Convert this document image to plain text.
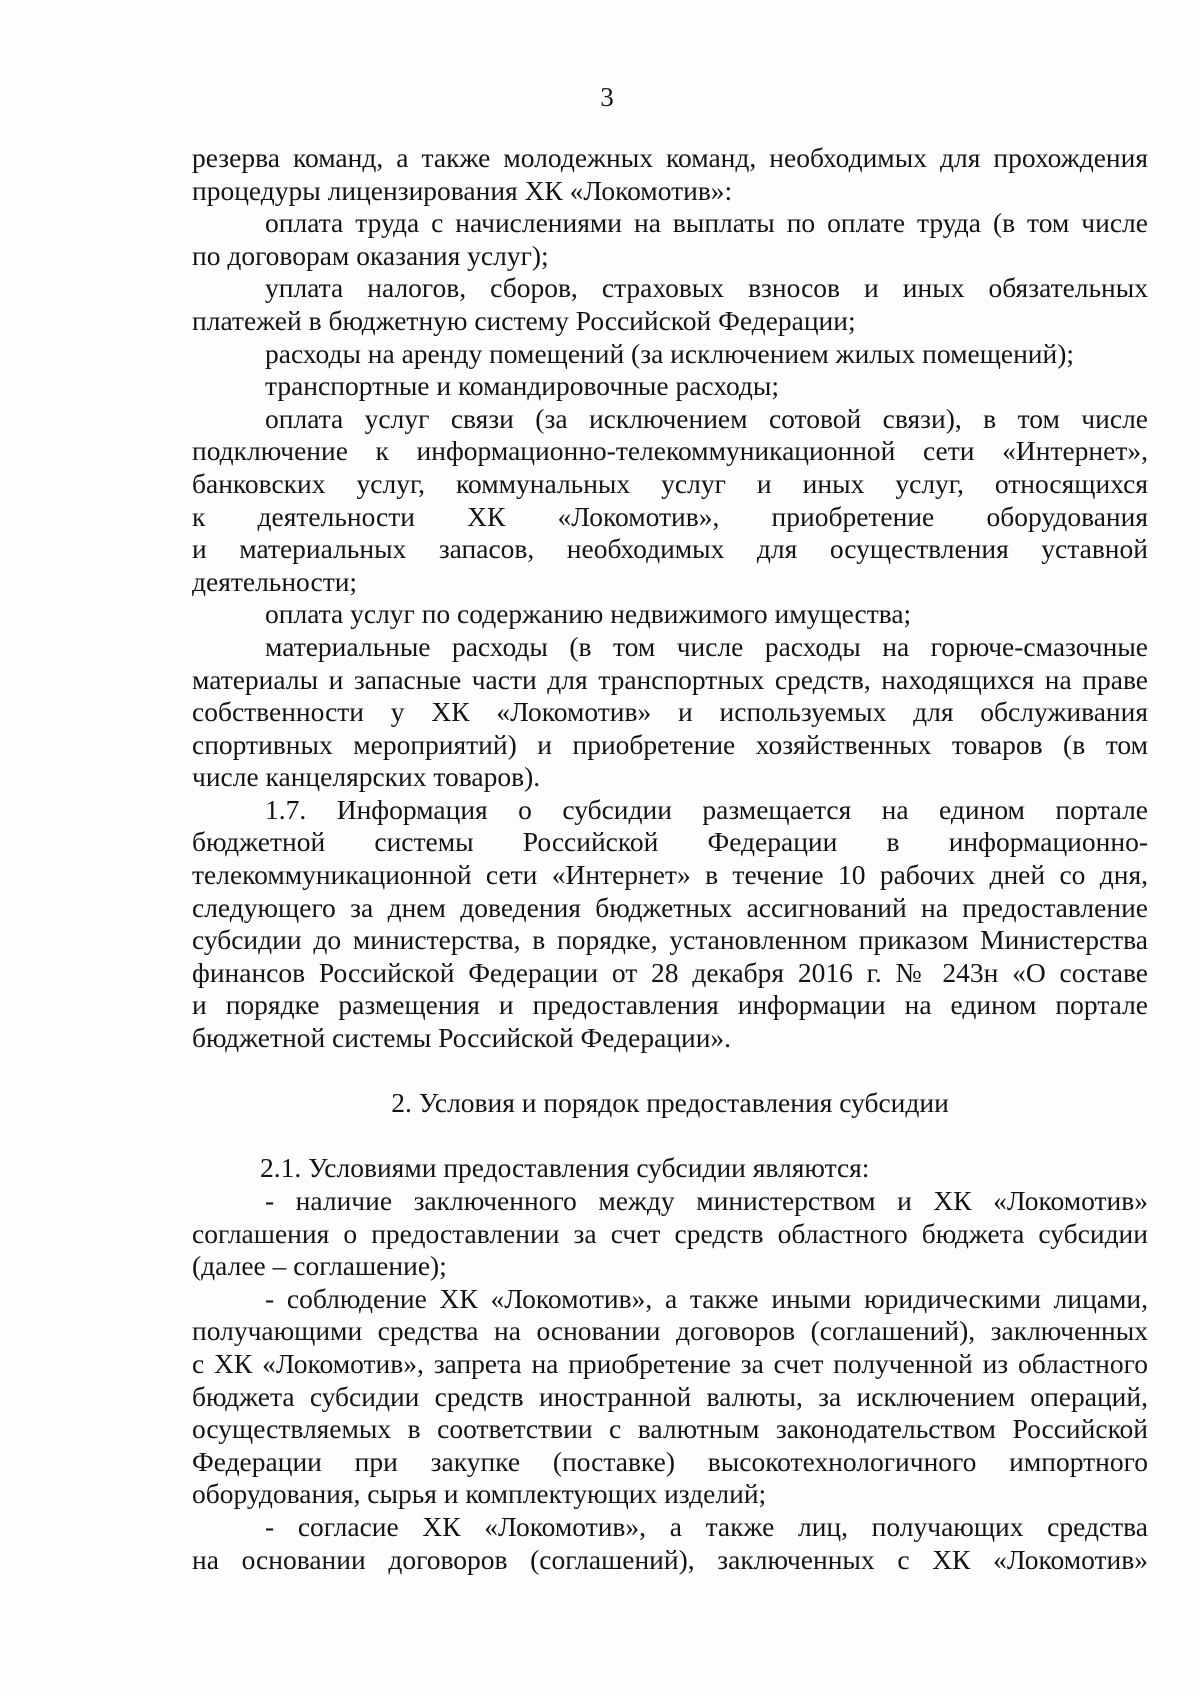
3
резерва команд, а также молодежных команд, необходимых для прохождения
процедуры лицензирования ХК «Локомотив»:
оплата труда с начислениями на выплаты по оплате труда (в том числе
по договорам оказания услуг);
уплата налогов, сборов, страховых взносов и иных обязательных
платежей в бюджетную систему Российской Федерации;
расходы на аренду помещений (за исключением жилых помещений);
транспортные и командировочные расходы;
оплата услуг связи (за исключением сотовой связи), в том числе
подключение к информационно-телекоммуникационной сети «Интернет»,
банковских услуг, коммунальных услуг и иных услуг, относящихся
к деятельности ХК «Локомотив», приобретение оборудования
и материальных запасов, необходимых для осуществления уставной
деятельности;
оплата услуг по содержанию недвижимого имущества;
материальные расходы (в том числе расходы на горюче-смазочные
материалы и запасные части для транспортных средств, находящихся на праве
собственности у ХК «Локомотив» и используемых для обслуживания
спортивных мероприятий) и приобретение хозяйственных товаров (в том
числе канцелярских товаров).
1.7. Информация о субсидии размещается на едином портале
бюджетной системы Российской Федерации в информационно-
телекоммуникационной сети «Интернет» в течение 10 рабочих дней со дня,
следующего за днем доведения бюджетных ассигнований на предоставление
субсидии до министерства, в порядке, установленном приказом Министерства
финансов Российской Федерации от 28 декабря 2016 г. № 243н «О составе
и порядке размещения и предоставления информации на едином портале
бюджетной системы Российской Федерации».
2. Условия и порядок предоставления субсидии
2.1. Условиями предоставления субсидии являются:
- наличие заключенного между министерством и ХК «Локомотив»
соглашения о предоставлении за счет средств областного бюджета субсидии
(далее – соглашение);
- соблюдение ХК «Локомотив», а также иными юридическими лицами,
получающими средства на основании договоров (соглашений), заключенных
с ХК «Локомотив», запрета на приобретение за счет полученной из областного
бюджета субсидии средств иностранной валюты, за исключением операций,
осуществляемых в соответствии с валютным законодательством Российской
Федерации при закупке (поставке) высокотехнологичного импортного
оборудования, сырья и комплектующих изделий;
- согласие ХК «Локомотив», а также лиц, получающих средства
на основании договоров (соглашений), заключенных с ХК «Локомотив»
